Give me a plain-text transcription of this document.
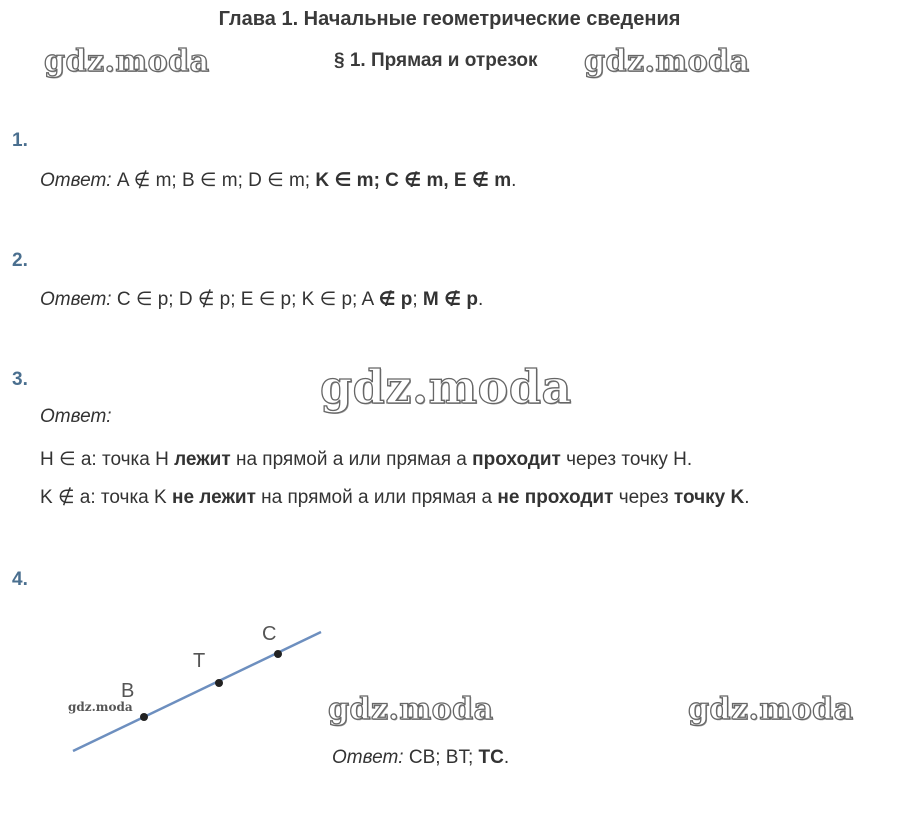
Глава 1. Начальные геометрические сведения
§ 1. Прямая и отрезок
gdz.moda	gdz.moda
gdz.moda
gdz.moda	gdz.moda
gdz.moda
1.
Ответ: A ∉ m; B ∈ m; D ∈ m; K ∈ m; C ∉ m, E ∉ m.
2.
Ответ: C ∈ p; D ∉ p; E ∈ p; K ∈ p; A ∉ p; M ∉ p.
3.
Ответ:
H ∈ a: точка H лежит на прямой a или прямая a проходит через точку H.
K ∉ a: точка K не лежит на прямой a или прямая a не проходит через точку K.
4.
B
T
C
Ответ: CB; BT; TC.
